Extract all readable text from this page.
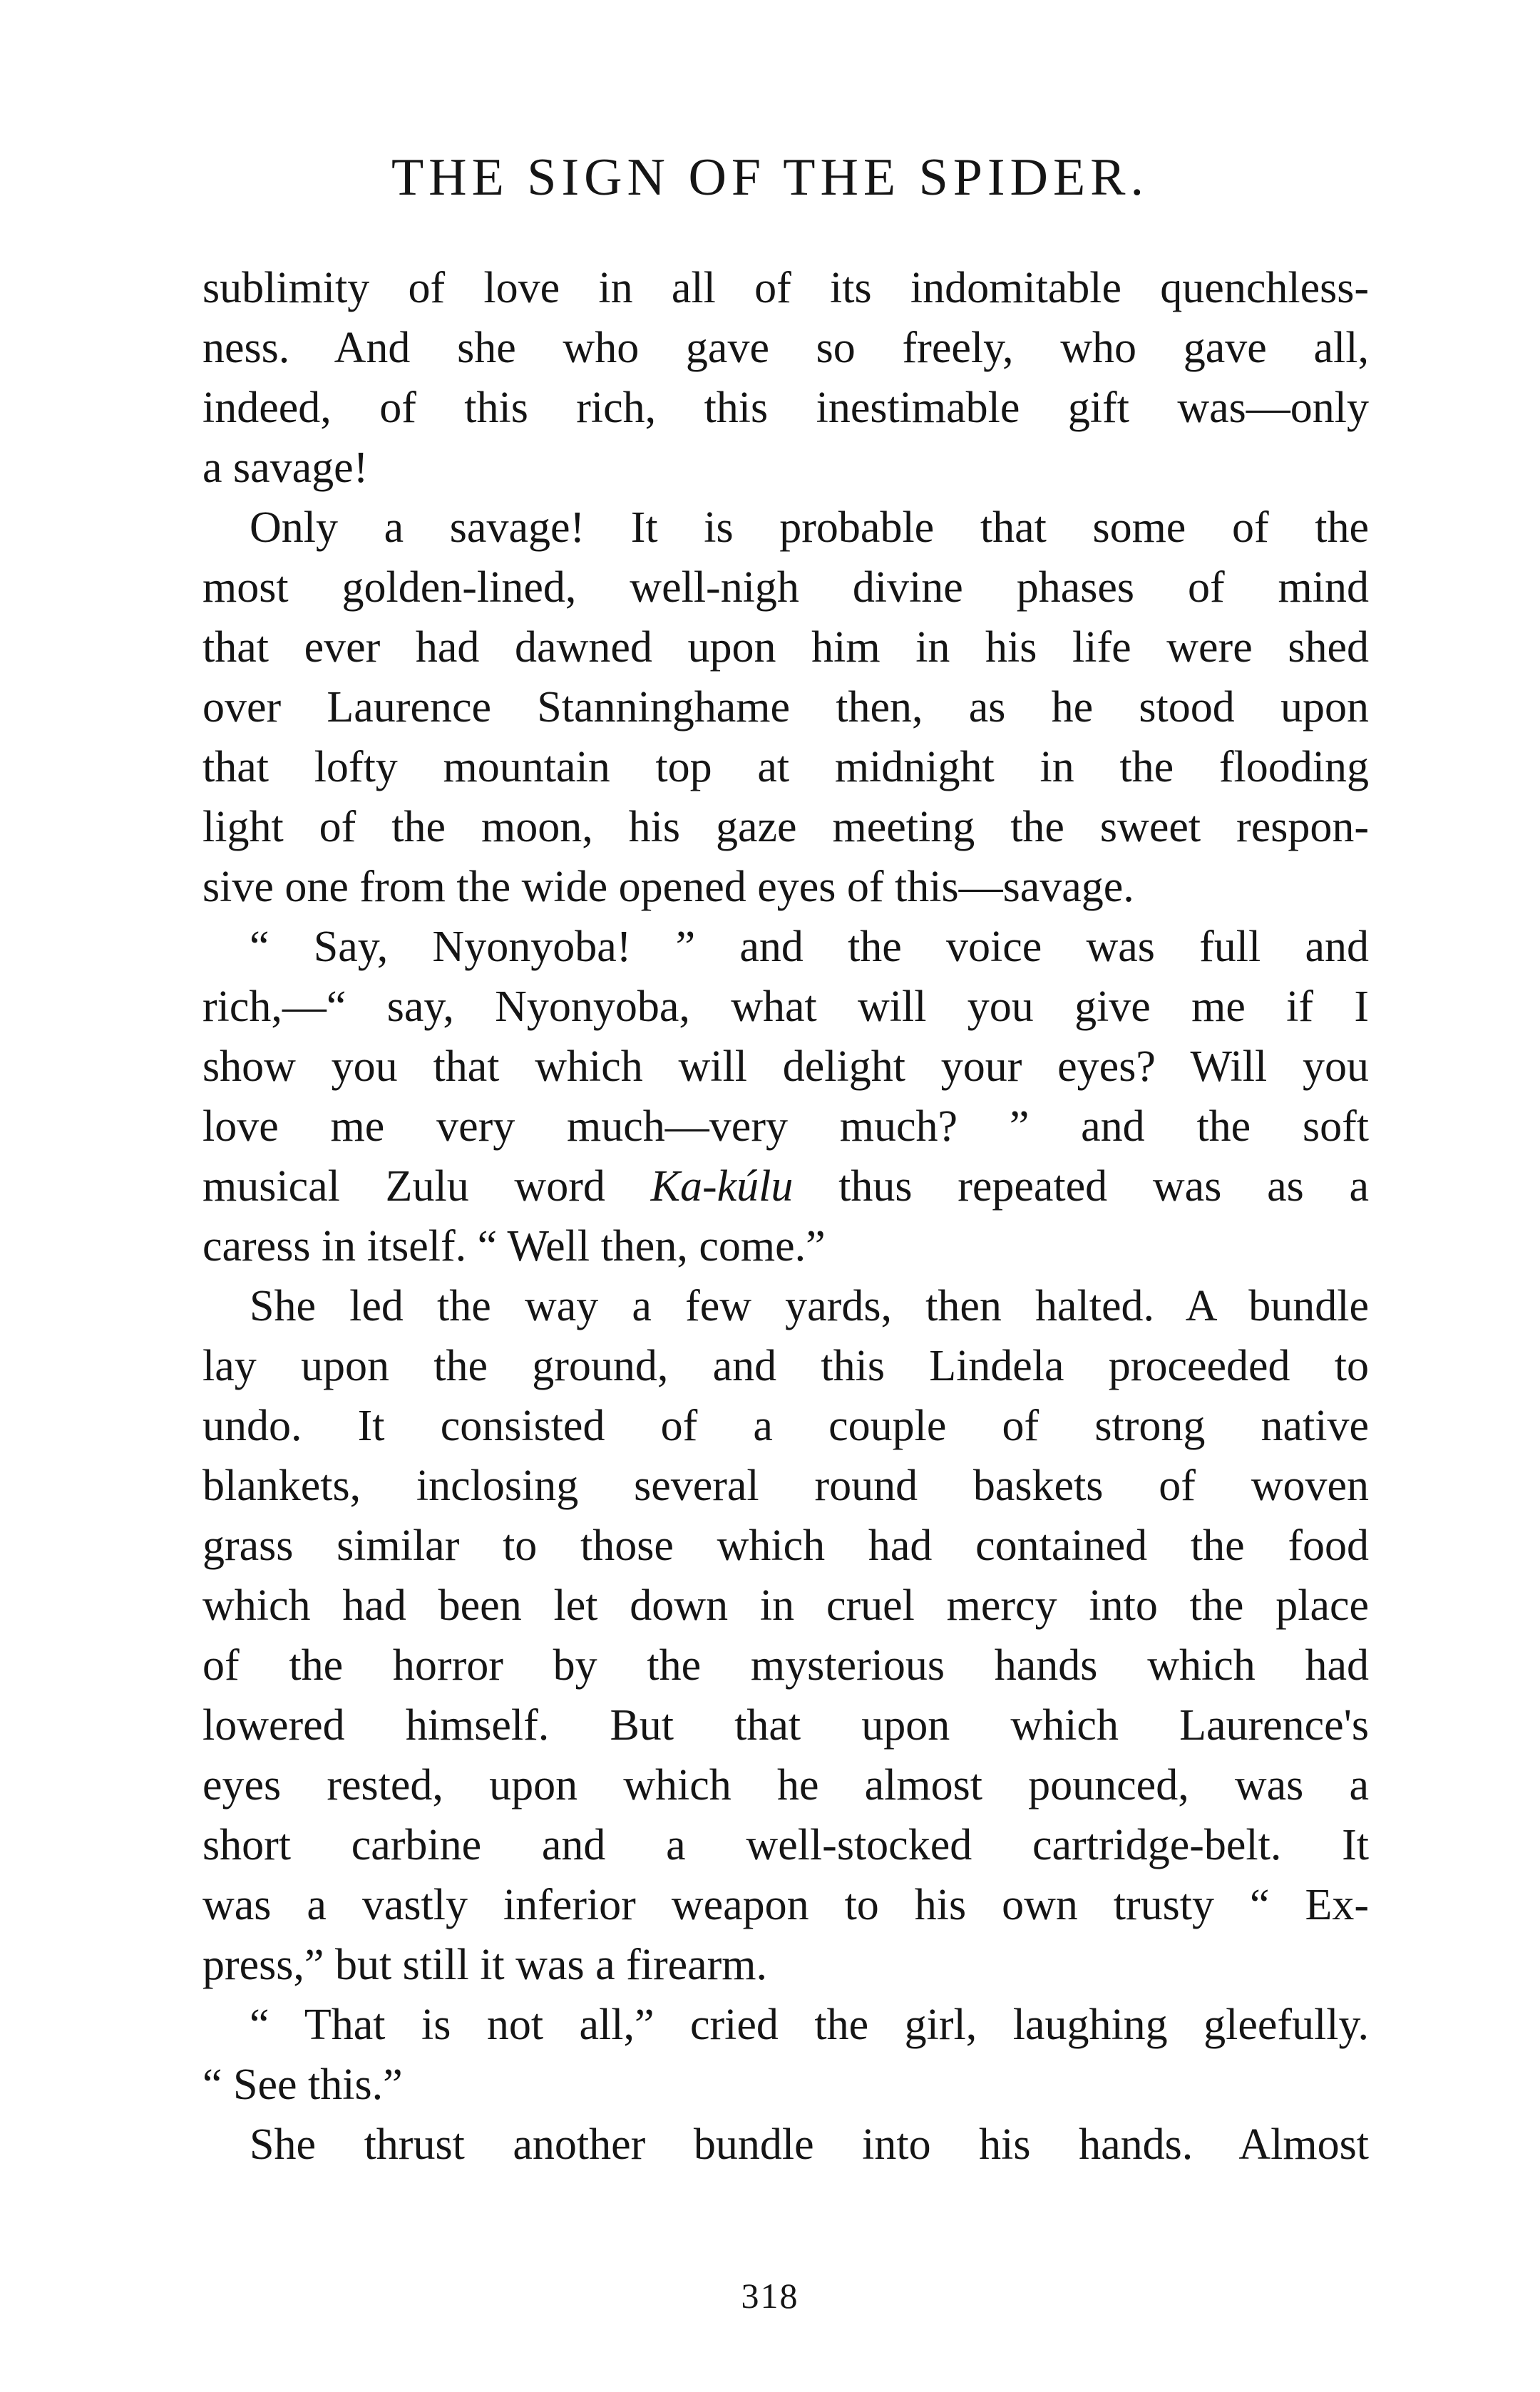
THE SIGN OF THE SPIDER.
sublimity of love in all of its indomitable quenchless-
ness. And she who gave so freely, who gave all,
indeed, of this rich, this inestimable gift was—only
a savage!
Only a savage! It is probable that some of the
most golden-lined, well-nigh divine phases of mind
that ever had dawned upon him in his life were shed
over Laurence Stanninghame then, as he stood upon
that lofty mountain top at midnight in the flooding
light of the moon, his gaze meeting the sweet respon-
sive one from the wide opened eyes of this—savage.
“ Say, Nyonyoba! ” and the voice was full and
rich,—“ say, Nyonyoba, what will you give me if I
show you that which will delight your eyes? Will you
love me very much—very much? ” and the soft
musical Zulu word Ka-kúlu thus repeated was as a
caress in itself. “ Well then, come.”
She led the way a few yards, then halted. A bundle
lay upon the ground, and this Lindela proceeded to
undo. It consisted of a couple of strong native
blankets, inclosing several round baskets of woven
grass similar to those which had contained the food
which had been let down in cruel mercy into the place
of the horror by the mysterious hands which had
lowered himself. But that upon which Laurence's
eyes rested, upon which he almost pounced, was a
short carbine and a well-stocked cartridge-belt. It
was a vastly inferior weapon to his own trusty “ Ex-
press,” but still it was a firearm.
“ That is not all,” cried the girl, laughing gleefully.
“ See this.”
She thrust another bundle into his hands. Almost
318
